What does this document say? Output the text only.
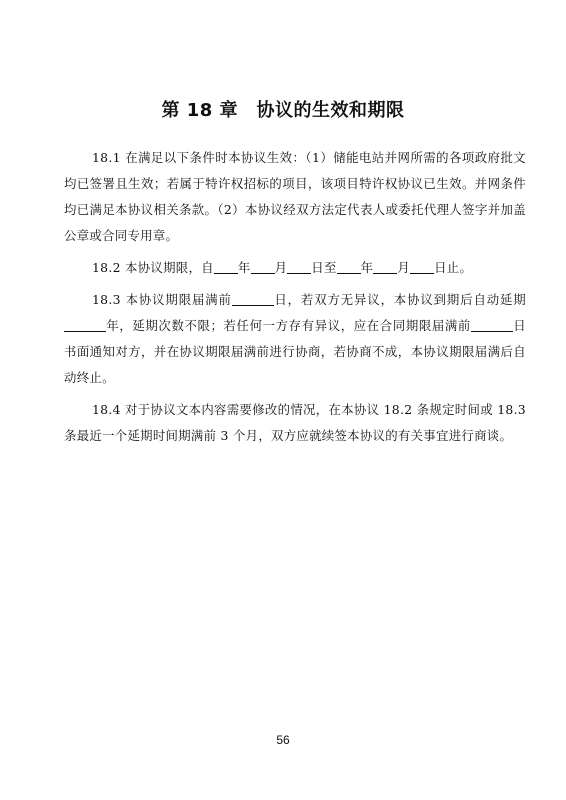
第 18 章　协议的生效和期限

18.1 在满足以下条件时本协议生效：（1）储能电站并网所需的各项政府批文均已签署且生效；若属于特许权招标的项目，该项目特许权协议已生效。并网条件均已满足本协议相关条款。（2）本协议经双方法定代表人或委托代理人签字并加盖公章或合同专用章。

18.2 本协议期限，自 年 月 日至 年 月 日止。

18.3 本协议期限届满前	日，若双方无异议，本协议到期后自动延期年，延期次数不限；若任何一方存有异议，应在合同期限届满前	日书面通知对方，并在协议期限届满前进行协商，若协商不成，本协议期限届满后自动终止。

18.4 对于协议文本内容需要修改的情况，在本协议 18.2 条规定时间或 18.3 条最近一个延期时间期满前 3 个月，双方应就续签本协议的有关事宜进行商谈。

56
